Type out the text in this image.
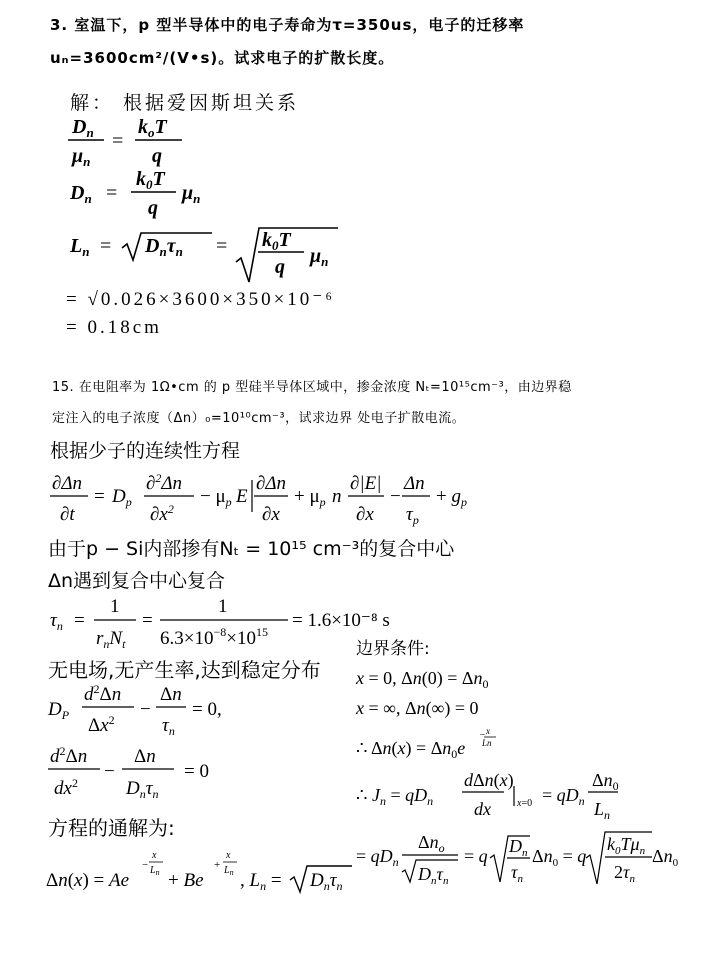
3. 室温下，p 型半导体中的电子寿命为τ=350us，电子的迁移率
uₙ=3600cm²/(V•s)。试求电子的扩散长度。
解： 根据爱因斯坦关系
15. 在电阻率为 1Ω•cm 的 p 型硅半导体区域中，掺金浓度 Nₜ=10¹⁵cm⁻³，由边界稳
定注入的电子浓度（Δn）₀=10¹⁰cm⁻³，试求边界 处电子扩散电流。
根据少子的连续性方程
由于p − Si内部掺有Nₜ = 10¹⁵ cm⁻³的复合中心
Δn遇到复合中心复合
边界条件:
无电场,无产生率,达到稳定分布
方程的通解为:
$D_n$
$\mu_n$
=
$k_oT$
q
$D_n$ =
$k_0T$
q
$\mu_n$
$L_n = D_n\tau_n = k_0T$
q $\mu_n$
= √0.026×3600×350×10⁻⁶
= 0.18cm
∂Δn
∂t
= $D_p$
∂$^2$Δn
$\partial x^2$
− $\mu_p$ E
∂Δn
∂x
+ $\mu_p$ n
∂|E|
∂x
−
Δn
$\tau_p$
+ $g_p$
$\tau_n$ =
1
$r_nN_t$
=
1
$6.3\times 10^{-8}\times 10^{15}$
= 1.6×10⁻⁸ s
x = 0, $\Delta n(0) = \Delta n_0$
x = ∞, Δn(∞) = 0
∴ $\Delta n(x) = \Delta n_0e$
− x
Ln
∴ $J_n = qD_n$
dΔn(x)
dx	$x=0 = qD_n$
$\Delta n_0$
$L_n$
$D_P$
$d^2\Delta n$
$\Delta x^2$ −
Δn
$\tau_n$
= 0,
$d^2\Delta n$
$dx^2$
−
Δn
$D_n\tau_n$
= 0
Δn(x) = Ae
−
x
$L_n + Be$
+
x
$L_n$ , $L_n = D_n\tau_n$
= $qD_n$
$\Delta n_o$
$D_n\tau_n$
= q $D_n$
$\tau_n$
$\Delta n_0 = q$
$k_0T\mu_n$
$2\tau_n$
$\Delta n_0$
